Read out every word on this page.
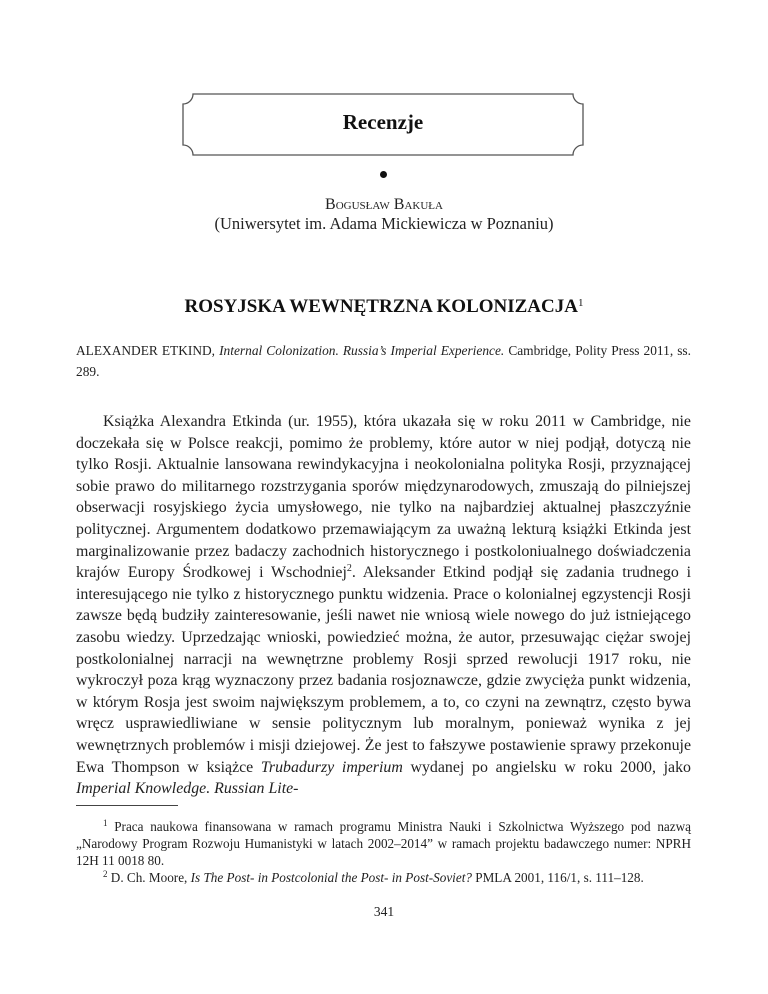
Recenzje
Bogusław Bakuła
(Uniwersytet im. Adama Mickiewicza w Poznaniu)
ROSYJSKA WEWNĘTRZNA KOLONIZACJA$^1$
ALEXANDER ETKIND, Internal Colonization. Russia’s Imperial Experience. Cambridge, Polity Press 2011, ss. 289.
Książka Alexandra Etkinda (ur. 1955), która ukazała się w roku 2011 w Cambridge, nie doczekała się w Polsce reakcji, pomimo że problemy, które autor w niej podjął, dotyczą nie tylko Rosji. Aktualnie lansowana rewindykacyjna i neokolonialna polityka Rosji, przyznającej sobie prawo do militarnego rozstrzygania sporów międzynarodowych, zmuszają do pilniejszej obserwacji rosyjskiego życia umysłowego, nie tylko na najbardziej aktualnej płaszczyźnie politycznej. Argumentem dodatkowo przemawiającym za uważną lekturą książki Etkinda jest marginalizowanie przez badaczy zachodnich historycznego i postkoloniualnego doświadczenia krajów Europy Środkowej i Wschodniej$^2$. Aleksander Etkind podjął się zadania trudnego i interesującego nie tylko z historycznego punktu widzenia. Prace o kolonialnej egzystencji Rosji zawsze będą budziły zainteresowanie, jeśli nawet nie wniosą wiele nowego do już istniejącego zasobu wiedzy. Uprzedzając wnioski, powiedzieć można, że autor, przesuwając ciężar swojej postkolonialnej narracji na wewnętrzne problemy Rosji sprzed rewolucji 1917 roku, nie wykroczył poza krąg wyznaczony przez badania rosjoznawcze, gdzie zwycięża punkt widzenia, w którym Rosja jest swoim największym problemem, a to, co czyni na zewnątrz, często bywa wręcz usprawiedliwiane w sensie politycznym lub moralnym, ponieważ wynika z jej wewnętrznych problemów i misji dziejowej. Że jest to fałszywe postawienie sprawy przekonuje Ewa Thompson w książce Trubadurzy imperium wydanej po angielsku w roku 2000, jako Imperial Knowledge. Russian Lite-

$^1$ Praca naukowa finansowana w ramach programu Ministra Nauki i Szkolnictwa Wyższego pod nazwą „Narodowy Program Rozwoju Humanistyki w latach 2002–2014” w ramach projektu badawczego numer: NPRH 12H 11 0018 80.

$^2$ D. Ch. Moore, Is The Post- in Postcolonial the Post- in Post-Soviet? PMLA 2001, 116/1, s. 111–128.

341
